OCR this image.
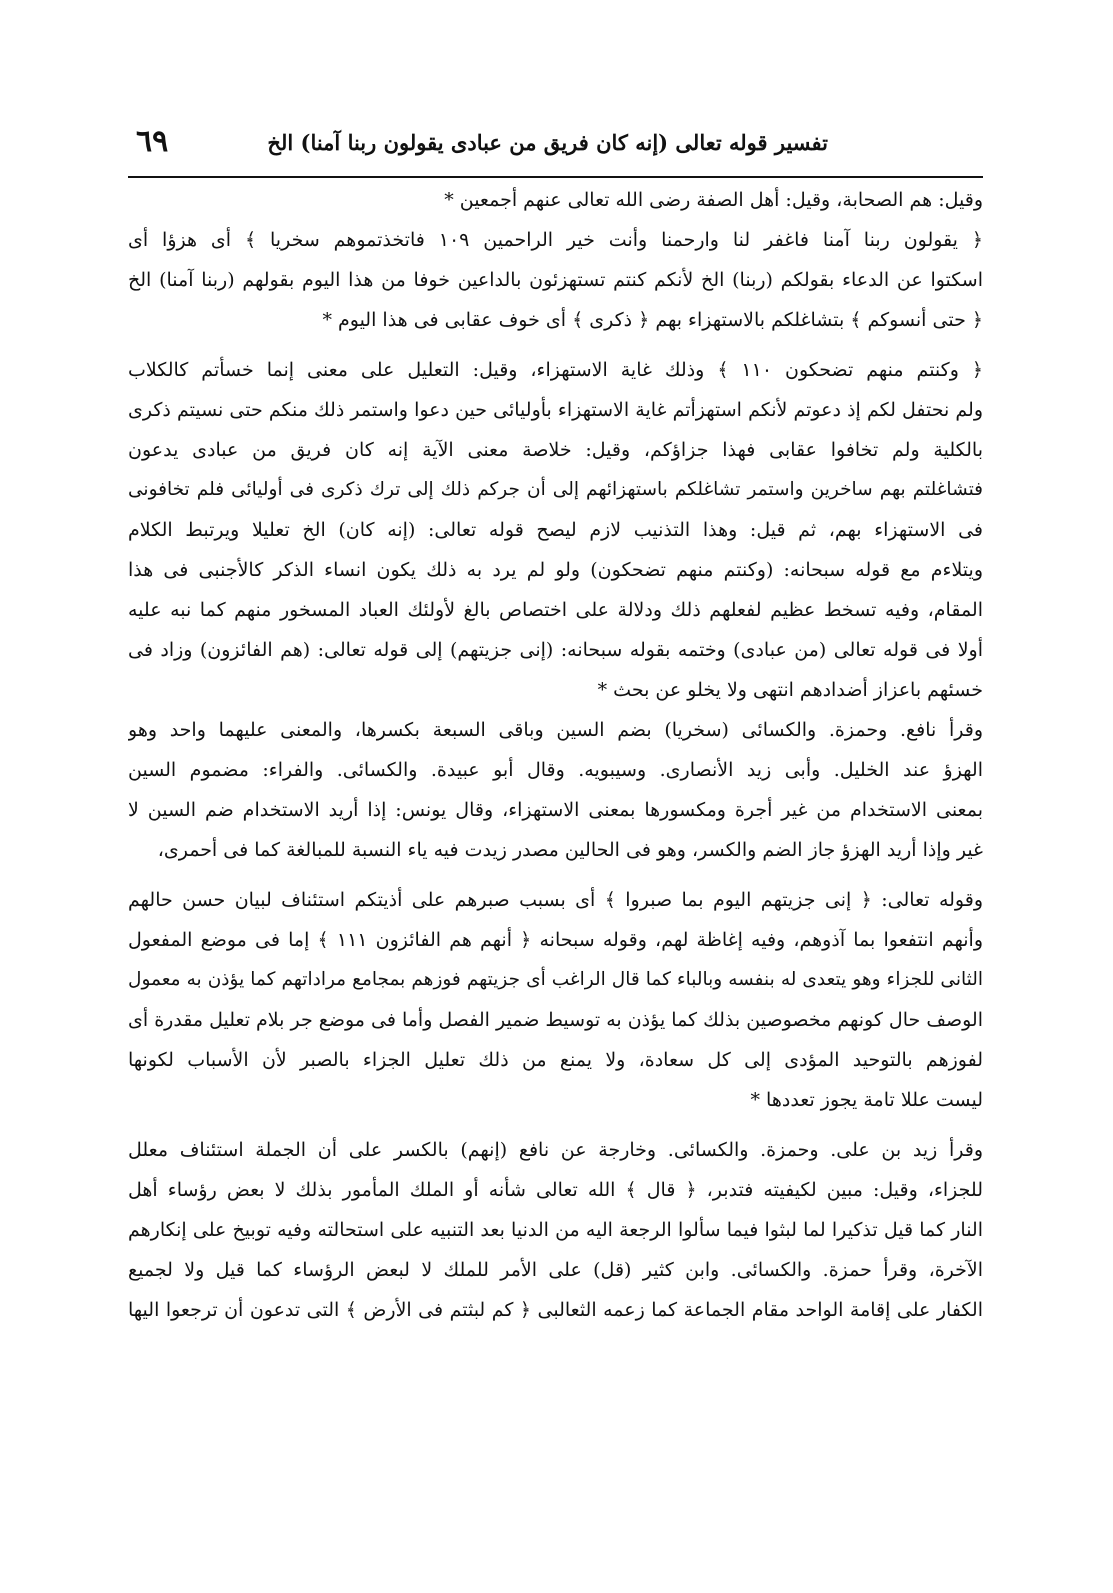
تفسير قوله تعالى (إنه كان فريق من عبادى يقولون ربنا آمنا) الخ
٦٩
وقيل: هم الصحابة، وقيل: أهل الصفة رضى الله تعالى عنهم أجمعين *
﴿ يقولون ربنا آمنا فاغفر لنا وارحمنا وأنت خير الراحمين ١٠٩ فاتخذتموهم سخريا ﴾ أى هزؤا أى
اسكتوا عن الدعاء بقولكم (ربنا) الخ لأنكم كنتم تستهزئون بالداعين خوفا من هذا اليوم بقولهم (ربنا آمنا) الخ
﴿ حتى أنسوكم ﴾ بتشاغلكم بالاستهزاء بهم ﴿ ذكرى ﴾ أى خوف عقابى فى هذا اليوم *
﴿ وكنتم منهم تضحكون ١١٠ ﴾ وذلك غاية الاستهزاء، وقيل: التعليل على معنى إنما خسأتم كالكلاب
ولم نحتفل لكم إذ دعوتم لأنكم استهزأتم غاية الاستهزاء بأوليائى حين دعوا واستمر ذلك منكم حتى نسيتم ذكرى
بالكلية ولم تخافوا عقابى فهذا جزاؤكم، وقيل: خلاصة معنى الآية إنه كان فريق من عبادى يدعون
فتشاغلتم بهم ساخرين واستمر تشاغلكم باستهزائهم إلى أن جركم ذلك إلى ترك ذكرى فى أوليائى فلم تخافونى
فى الاستهزاء بهم، ثم قيل: وهذا التذنيب لازم ليصح قوله تعالى: (إنه كان) الخ تعليلا ويرتبط الكلام
ويتلاءم مع قوله سبحانه: (وكنتم منهم تضحكون) ولو لم يرد به ذلك يكون انساء الذكر كالأجنبى فى هذا
المقام، وفيه تسخط عظيم لفعلهم ذلك ودلالة على اختصاص بالغ لأولئك العباد المسخور منهم كما نبه عليه
أولا فى قوله تعالى (من عبادى) وختمه بقوله سبحانه: (إنى جزيتهم) إلى قوله تعالى: (هم الفائزون) وزاد فى
خسئهم باعزاز أضدادهم انتهى ولا يخلو عن بحث *
وقرأ نافع. وحمزة. والكسائى (سخريا) بضم السين وباقى السبعة بكسرها، والمعنى عليهما واحد وهو
الهزؤ عند الخليل. وأبى زيد الأنصارى. وسيبويه. وقال أبو عبيدة. والكسائى. والفراء: مضموم السين
بمعنى الاستخدام من غير أجرة ومكسورها بمعنى الاستهزاء، وقال يونس: إذا أريد الاستخدام ضم السين لا
غير وإذا أريد الهزؤ جاز الضم والكسر، وهو فى الحالين مصدر زيدت فيه ياء النسبة للمبالغة كما فى أحمرى،
وقوله تعالى: ﴿ إنى جزيتهم اليوم بما صبروا ﴾ أى بسبب صبرهم على أذيتكم استئناف لبيان حسن حالهم
وأنهم انتفعوا بما آذوهم، وفيه إغاظة لهم، وقوله سبحانه ﴿ أنهم هم الفائزون ١١١ ﴾ إما فى موضع المفعول
الثانى للجزاء وهو يتعدى له بنفسه وبالباء كما قال الراغب أى جزيتهم فوزهم بمجامع مراداتهم كما يؤذن به معمول
الوصف حال كونهم مخصوصين بذلك كما يؤذن به توسيط ضمير الفصل وأما فى موضع جر بلام تعليل مقدرة أى
لفوزهم بالتوحيد المؤدى إلى كل سعادة، ولا يمنع من ذلك تعليل الجزاء بالصبر لأن الأسباب لكونها
ليست عللا تامة يجوز تعددها *
وقرأ زيد بن على. وحمزة. والكسائى. وخارجة عن نافع (إنهم) بالكسر على أن الجملة استئناف معلل
للجزاء، وقيل: مبين لكيفيته فتدبر، ﴿ قال ﴾ الله تعالى شأنه أو الملك المأمور بذلك لا بعض رؤساء أهل
النار كما قيل تذكيرا لما لبثوا فيما سألوا الرجعة اليه من الدنيا بعد التنبيه على استحالته وفيه توبيخ على إنكارهم
الآخرة، وقرأ حمزة. والكسائى. وابن كثير (قل) على الأمر للملك لا لبعض الرؤساء كما قيل ولا لجميع
الكفار على إقامة الواحد مقام الجماعة كما زعمه الثعالبى ﴿ كم لبثتم فى الأرض ﴾ التى تدعون أن ترجعوا اليها
